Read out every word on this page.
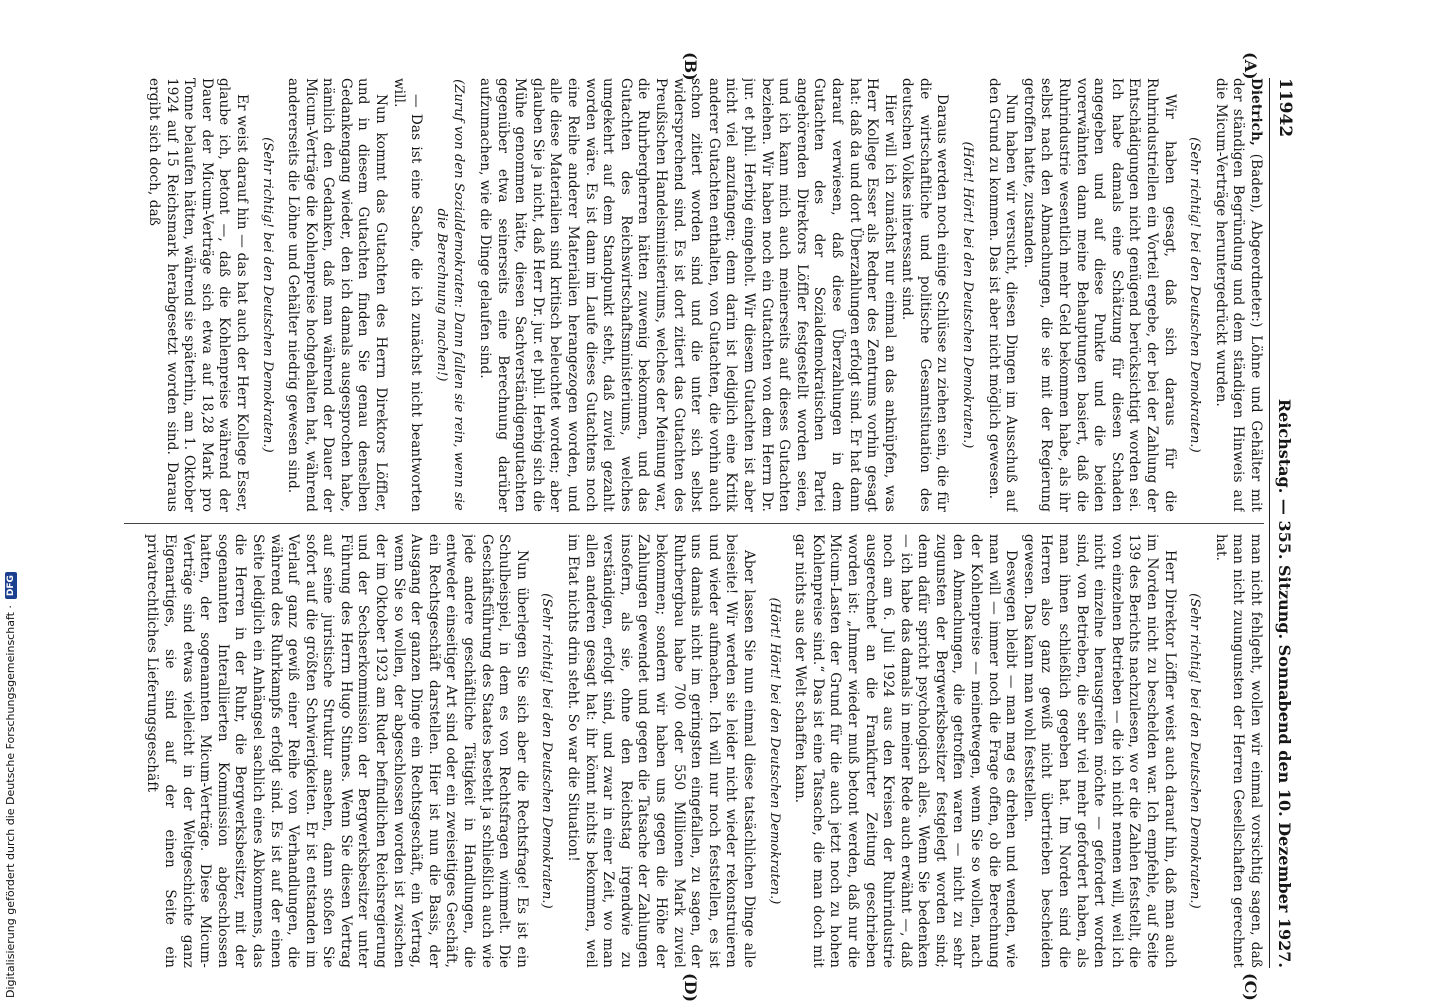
11942
Reichstag. — 355. Sitzung. Sonnabend den 10. Dezember 1927.

Dietrich, (Baden), Abgeordneter:) Löhne und Gehälter mit der ständigen Begründung und dem ständigen Hinweis auf die Micum-Verträge heruntergedrückt wurden.

(Sehr richtig! bei den Deutschen Demokraten.)

Wir haben gesagt, daß sich daraus für die Ruhrindustriellen ein Vorteil ergebe, der bei der Zahlung der Entschädigungen nicht genügend berücksichtigt worden sei. Ich habe damals eine Schätzung für diesen Schaden angegeben und auf diese Punkte und die beiden vorerwähnten dann meine Behauptungen basiert, daß die Ruhrindustrie wesentlich mehr Geld bekommen habe, als ihr selbst nach den Abmachungen, die sie mit der Regierung getroffen hatte, zustanden.

Nun haben wir versucht, diesen Dingen im Ausschuß auf den Grund zu kommen. Das ist aber nicht möglich gewesen.

(Hört! Hört! bei den Deutschen Demokraten.)

Daraus werden noch einige Schlüsse zu ziehen sein, die für die wirtschaftliche und politische Gesamtsituation des deutschen Volkes interessant sind.

Hier will ich zunächst nur einmal an das anknüpfen, was Herr Kollege Esser als Redner des Zentrums vorhin gesagt hat: daß da und dort Überzahlungen erfolgt sind. Er hat dann darauf verwiesen, daß diese Überzahlungen in dem Gutachten des der Sozialdemokratischen Partei angehörenden Direktors Löffler festgestellt worden seien, und ich kann mich auch meinerseits auf dieses Gutachten beziehen. Wir haben noch ein Gutachten von dem Herrn Dr. jur. et phil. Herbig eingeholt. Wir diesem Gutachten ist aber nicht viel anzufangen; denn darin ist lediglich eine Kritik anderer Gutachten enthalten, von Gutachten, die vorhin auch schon zitiert worden sind und die unter sich selbst widersprechend sind. Es ist dort zitiert das Gutachten des Preußischen Handelsministeriums, welches der Meinung war, die Ruhrbergherren hätten zuwenig bekommen, und das Gutachten des Reichswirtschaftsministeriums, welches umgekehrt auf dem Standpunkt steht, daß zuviel gezahlt worden wäre. Es ist dann im Laufe dieses Gutachtens noch eine Reihe anderer Materialien herangezogen worden, und alle diese Materialien sind kritisch beleuchtet worden; aber glauben Sie ja nicht, daß Herr Dr. jur. et phil. Herbig sich die Mühe genommen hätte, diesen Sachverständigengutachten gegenüber etwa seinerseits eine Berechnung darüber aufzumachen, wie die Dinge gelaufen sind.

(Zuruf von den Sozialdemokraten: Dann fallen sie rein, wenn sie die Berechnung machen!)

— Das ist eine Sache, die ich zunächst nicht beantworten will.

Nun kommt das Gutachten des Herrn Direktors Löffler, und in diesem Gutachten finden Sie genau denselben Gedankengang wieder, den ich damals ausgesprochen habe, nämlich den Gedanken, daß man während der Dauer der Micum-Verträge die Kohlenpreise hochgehalten hat, während andererseits die Löhne und Gehälter niedrig gewesen sind.

(Sehr richtig! bei den Deutschen Demokraten.)

Er weist darauf hin — das hat auch der Herr Kollege Esser, glaube ich, betont —, daß die Kohlenpreise während der Dauer der Micum-Verträge sich etwa auf 18,28 Mark pro Tonne belaufen hätten, während sie späterhin, am 1. Oktober 1924 auf 15 Reichsmark herabgesetzt worden sind. Daraus ergibt sich doch, daß

man nicht fehlgeht, wollen wir einmal vorsichtig sagen, daß man nicht zuungunsten der Herren Gesellschaften gerechnet hat.

(Sehr richtig! bei den Deutschen Demokraten.)

Herr Direktor Löffler weist auch darauf hin, daß man auch im Norden nicht zu beschelden war. Ich empfehle, auf Seite 139 des Berichts nachzulesen, wo er die Zahlen feststellt, die von einzelnen Betrieben — die ich nicht nennen will, weil ich nicht einzelne herausgreifen möchte — gefordert worden sind, von Betrieben, die sehr viel mehr gefordert haben, als man ihnen schließlich gegeben hat. Im Norden sind die Herren also ganz gewiß nicht übertrieben bescheiden gewesen. Das kann man wohl feststellen.

Deswegen bleibt — man mag es drehen und wenden, wie man will — immer noch die Frage offen, ob die Berechnung der Kohlenpreise — meinetwegen, wenn Sie so wollen, nach den Abmachungen, die getroffen waren — nicht zu sehr zugunsten der Bergwerksbesitzer festgelegt worden sind; denn dafür spricht psychologisch alles. Wenn Sie bedenken — ich habe das damals in meiner Rede auch erwähnt —, daß noch am 6. Juli 1924 aus den Kreisen der Ruhrindustrie ausgerechnet an die Frankfurter Zeitung geschrieben worden ist: „Immer wieder muß betont werden, daß nur die Micum-Lasten der Grund für die auch jetzt noch zu hohen Kohlenpreise sind.“ Das ist eine Tatsache, die man doch mit gar nichts aus der Welt schaffen kann.

(Hört! Hört! bei den Deutschen Demokraten.)

Aber lassen Sie nun einmal diese tatsächlichen Dinge alle beiseite! Wir werden sie leider nicht wieder rekonstruieren und wieder aufmachen. Ich will nur noch feststellen, es ist uns damals nicht im geringsten eingefallen, zu sagen, der Ruhrbergbau habe 700 oder 550 Millionen Mark zuviel bekommen; sondern wir haben uns gegen die Höhe der Zahlungen gewendet und gegen die Tatsache der Zahlungen insofern, als sie, ohne den Reichstag irgendwie zu verständigen, erfolgt sind, und zwar in einer Zeit, wo man allen anderen gesagt hat: ihr könnt nichts bekommen, weil im Etat nichts drin steht. So war die Situation!

(Sehr richtig! bei den Deutschen Demokraten.)

Nun überlegen Sie sich aber die Rechtsfrage! Es ist ein Schulbeispiel, in dem es von Rechtsfragen wimmelt. Die Geschäftsführung des Staates besteht ja schließlich auch wie jede andere geschäftliche Tätigkeit in Handlungen, die entweder einseitiger Art sind oder ein zweiseitiges Geschäft, ein Rechtsgeschäft darstellen. Hier ist nun die Basis, der Ausgang der ganzen Dinge ein Rechtsgeschäft, ein Vertrag, wenn Sie so wollen, der abgeschlossen worden ist zwischen der im Oktober 1923 am Ruder befindlichen Reichsregierung und der Sechserkommission der Bergwerksbesitzer unter Führung des Herrn Hugo Stinnes. Wenn Sie diesen Vertrag auf seine juristische Struktur ansehen, dann stoßen Sie sofort auf die größten Schwierigkeiten. Er ist entstanden im Verlauf ganz gewiß einer Reihe von Verhandlungen, die während des Ruhrkampfs erfolgt sind. Es ist auf der einen Seite lediglich ein Anhängsel sachlich eines Abkommens, das die Herren in der Ruhr, die Bergwerksbesitzer, mit der sogenannten Interalliierten Kommission abgeschlossen hatten, der sogenannten Micum-Verträge. Diese Micum-Verträge sind etwas vielleicht in der Weltgeschichte ganz Eigenartiges, sie sind auf der einen Seite ein privatrechtliches Lieferungsgeschäft

(A)
(B)
(C)
(D)
Digitalisierung gefördert durch die Deutsche Forschungsgemeinschaft ·
DFG
